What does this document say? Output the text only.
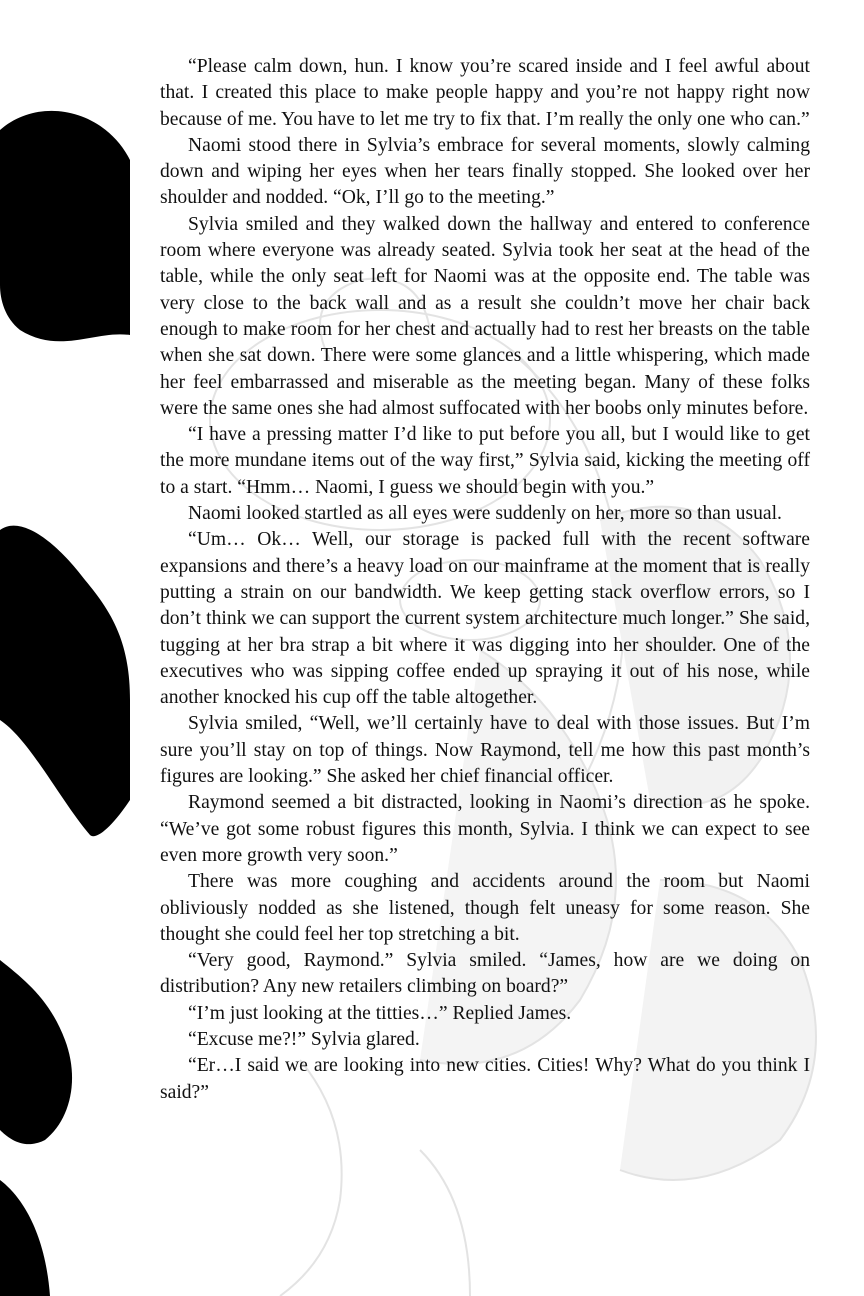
“Please calm down, hun. I know you’re scared inside and I feel awful about that. I created this place to make people happy and you’re not happy right now because of me. You have to let me try to fix that. I’m really the only one who can.”

Naomi stood there in Sylvia’s embrace for several moments, slowly calming down and wiping her eyes when her tears finally stopped. She looked over her shoulder and nodded. “Ok, I’ll go to the meeting.”

Sylvia smiled and they walked down the hallway and entered to conference room where everyone was already seated. Sylvia took her seat at the head of the table, while the only seat left for Naomi was at the opposite end. The table was very close to the back wall and as a result she couldn’t move her chair back enough to make room for her chest and actually had to rest her breasts on the table when she sat down. There were some glances and a little whispering, which made her feel embarrassed and miserable as the meeting began. Many of these folks were the same ones she had almost suffocated with her boobs only minutes before.

“I have a pressing matter I’d like to put before you all, but I would like to get the more mundane items out of the way first,” Sylvia said, kicking the meeting off to a start. “Hmm… Naomi, I guess we should begin with you.”

Naomi looked startled as all eyes were suddenly on her, more so than usual.

“Um… Ok… Well, our storage is packed full with the recent software expansions and there’s a heavy load on our mainframe at the moment that is really putting a strain on our bandwidth. We keep getting stack overflow errors, so I don’t think we can support the current system architecture much longer.” She said, tugging at her bra strap a bit where it was digging into her shoulder. One of the executives who was sipping coffee ended up spraying it out of his nose, while another knocked his cup off the table altogether.

Sylvia smiled, “Well, we’ll certainly have to deal with those issues. But I’m sure you’ll stay on top of things. Now Raymond, tell me how this past month’s figures are looking.” She asked her chief financial officer.

Raymond seemed a bit distracted, looking in Naomi’s direction as he spoke. “We’ve got some robust figures this month, Sylvia. I think we can expect to see even more growth very soon.”

There was more coughing and accidents around the room but Naomi obliviously nodded as she listened, though felt uneasy for some reason. She thought she could feel her top stretching a bit.

“Very good, Raymond.” Sylvia smiled. “James, how are we doing on distribution? Any new retailers climbing on board?”

“I’m just looking at the titties…” Replied James.

“Excuse me?!” Sylvia glared.

“Er…I said we are looking into new cities. Cities! Why? What do you think I said?”
